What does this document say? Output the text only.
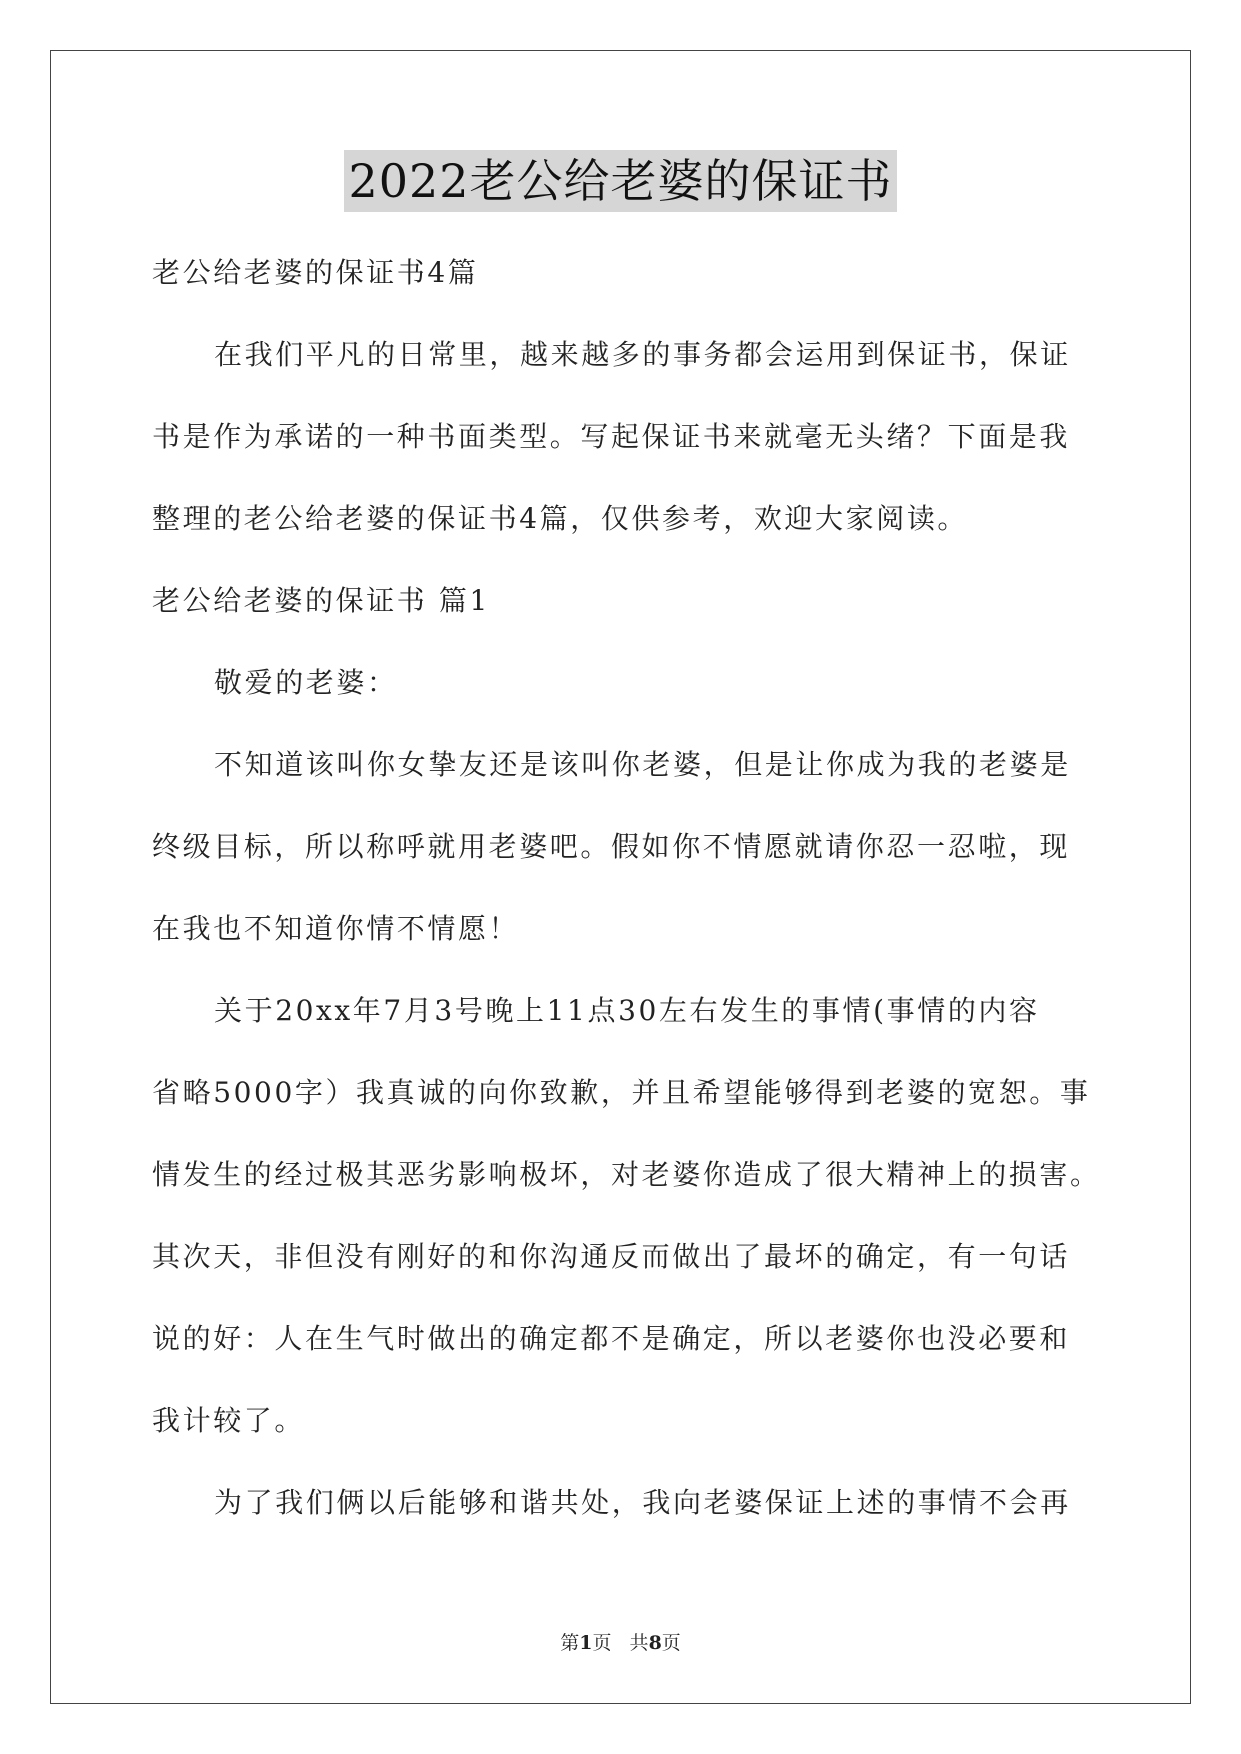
2022老公给老婆的保证书
老公给老婆的保证书4篇
在我们平凡的日常里，越来越多的事务都会运用到保证书，保证
书是作为承诺的一种书面类型。写起保证书来就毫无头绪？下面是我
整理的老公给老婆的保证书4篇，仅供参考，欢迎大家阅读。
老公给老婆的保证书 篇1
敬爱的老婆：
不知道该叫你女挚友还是该叫你老婆，但是让你成为我的老婆是
终级目标，所以称呼就用老婆吧。假如你不情愿就请你忍一忍啦，现
在我也不知道你情不情愿！
关于20xx年7月3号晚上11点30左右发生的事情(事情的内容
省略5000字）我真诚的向你致歉，并且希望能够得到老婆的宽恕。事
情发生的经过极其恶劣影响极坏，对老婆你造成了很大精神上的损害。
其次天，非但没有刚好的和你沟通反而做出了最坏的确定，有一句话
说的好：人在生气时做出的确定都不是确定，所以老婆你也没必要和
我计较了。
为了我们俩以后能够和谐共处，我向老婆保证上述的事情不会再
第1页   共8页
